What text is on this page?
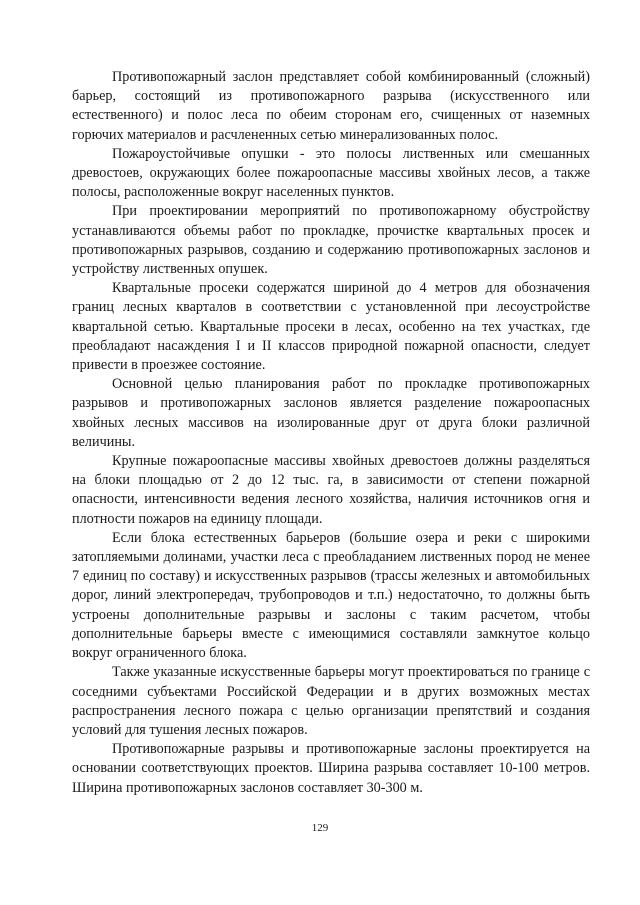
Противопожарный заслон представляет собой комбинированный (сложный) барьер, состоящий из противопожарного разрыва (искусственного или естественного) и полос леса по обеим сторонам его, счищенных от наземных горючих материалов и расчлененных сетью минерализованных полос.

Пожароустойчивые опушки - это полосы лиственных или смешанных древостоев, окружающих более пожароопасные массивы хвойных лесов, а также полосы, расположенные вокруг населенных пунктов.

При проектировании мероприятий по противопожарному обустройству устанавливаются объемы работ по прокладке, прочистке квартальных просек и противопожарных разрывов, созданию и содержанию противопожарных заслонов и устройству лиственных опушек.

Квартальные просеки содержатся шириной до 4 метров для обозначения границ лесных кварталов в соответствии с установленной при лесоустройстве квартальной сетью. Квартальные просеки в лесах, особенно на тех участках, где преобладают насаждения I и II классов природной пожарной опасности, следует привести в проезжее состояние.

Основной целью планирования работ по прокладке противопожарных разрывов и противопожарных заслонов является разделение пожароопасных хвойных лесных массивов на изолированные друг от друга блоки различной величины.

Крупные пожароопасные массивы хвойных древостоев должны разделяться на блоки площадью от 2 до 12 тыс. га, в зависимости от степени пожарной опасности, интенсивности ведения лесного хозяйства, наличия источников огня и плотности пожаров на единицу площади.

Если блока естественных барьеров (большие озера и реки с широкими затопляемыми долинами, участки леса с преобладанием лиственных пород не менее 7 единиц по составу) и искусственных разрывов (трассы железных и автомобильных дорог, линий электропередач, трубопроводов и т.п.) недостаточно, то должны быть устроены дополнительные разрывы и заслоны с таким расчетом, чтобы дополнительные барьеры вместе с имеющимися составляли замкнутое кольцо вокруг ограниченного блока.

Также указанные искусственные барьеры могут проектироваться по границе с соседними субъектами Российской Федерации и в других возможных местах распространения лесного пожара с целью организации препятствий и создания условий для тушения лесных пожаров.

Противопожарные разрывы и противопожарные заслоны проектируется на основании соответствующих проектов. Ширина разрыва составляет 10-100 метров. Ширина противопожарных заслонов составляет 30-300 м.

129
